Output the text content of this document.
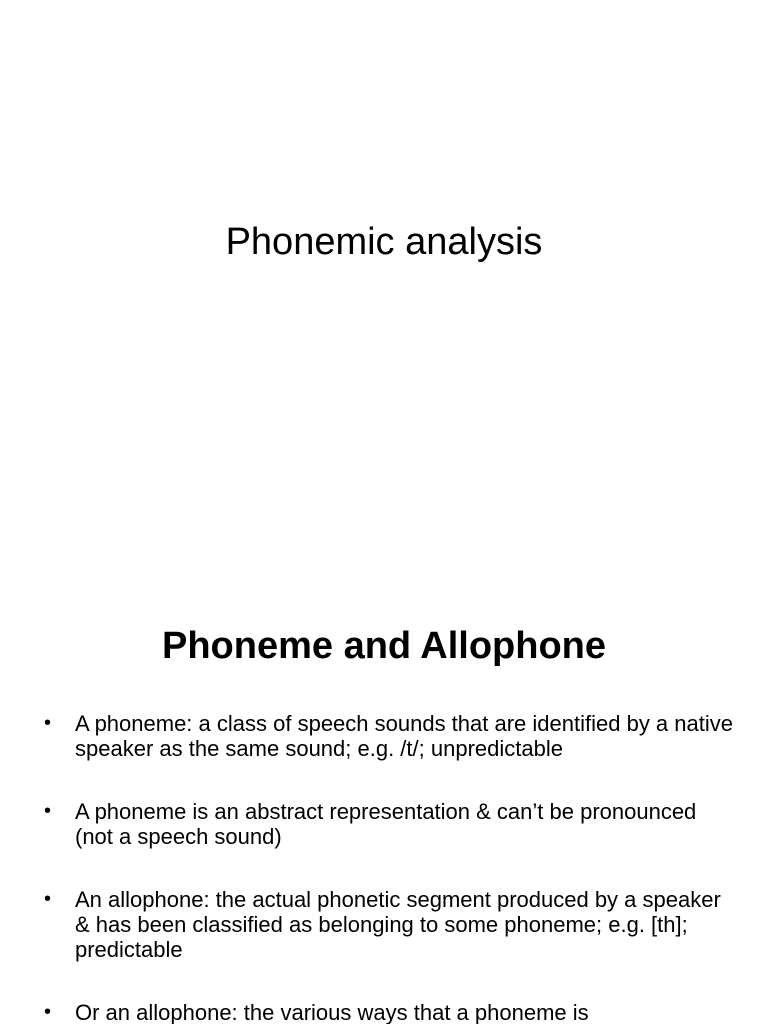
Phonemic analysis
Phoneme and Allophone
• A phoneme: a class of speech sounds that are identified by a native speaker as the same sound; e.g. /t/; unpredictable
• A phoneme is an abstract representation & can’t be pronounced (not a speech sound)
• An allophone: the actual phonetic segment produced by a speaker & has been classified as belonging to some phoneme; e.g. [th]; predictable
• Or an allophone: the various ways that a phoneme is
